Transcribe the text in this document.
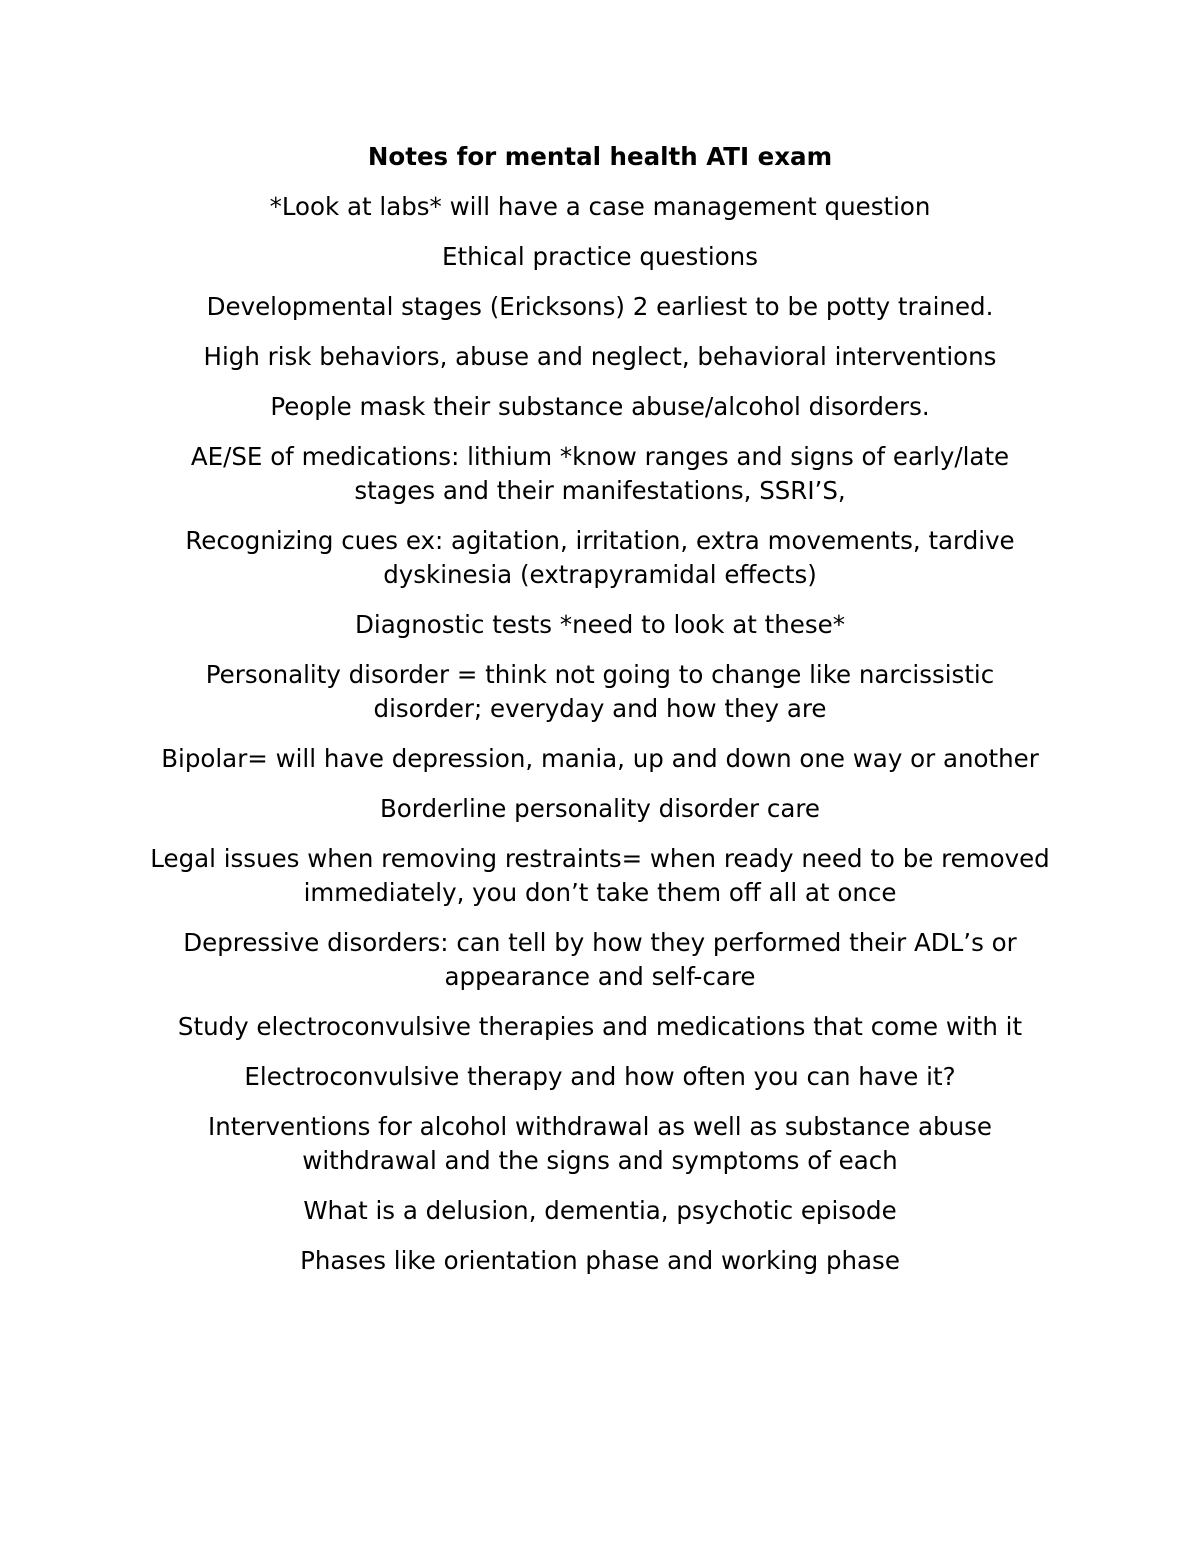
Notes for mental health ATI exam

*Look at labs* will have a case management question

Ethical practice questions

Developmental stages (Ericksons) 2 earliest to be potty trained.

High risk behaviors, abuse and neglect, behavioral interventions

People mask their substance abuse/alcohol disorders.

AE/SE of medications: lithium *know ranges and signs of early/late stages and their manifestations, SSRI’S,

Recognizing cues ex: agitation, irritation, extra movements, tardive dyskinesia (extrapyramidal effects)

Diagnostic tests *need to look at these*

Personality disorder = think not going to change like narcissistic disorder; everyday and how they are

Bipolar= will have depression, mania, up and down one way or another

Borderline personality disorder care

Legal issues when removing restraints= when ready need to be removed immediately, you don’t take them off all at once

Depressive disorders: can tell by how they performed their ADL’s or appearance and self-care

Study electroconvulsive therapies and medications that come with it

Electroconvulsive therapy and how often you can have it?

Interventions for alcohol withdrawal as well as substance abuse withdrawal and the signs and symptoms of each

What is a delusion, dementia, psychotic episode

Phases like orientation phase and working phase
